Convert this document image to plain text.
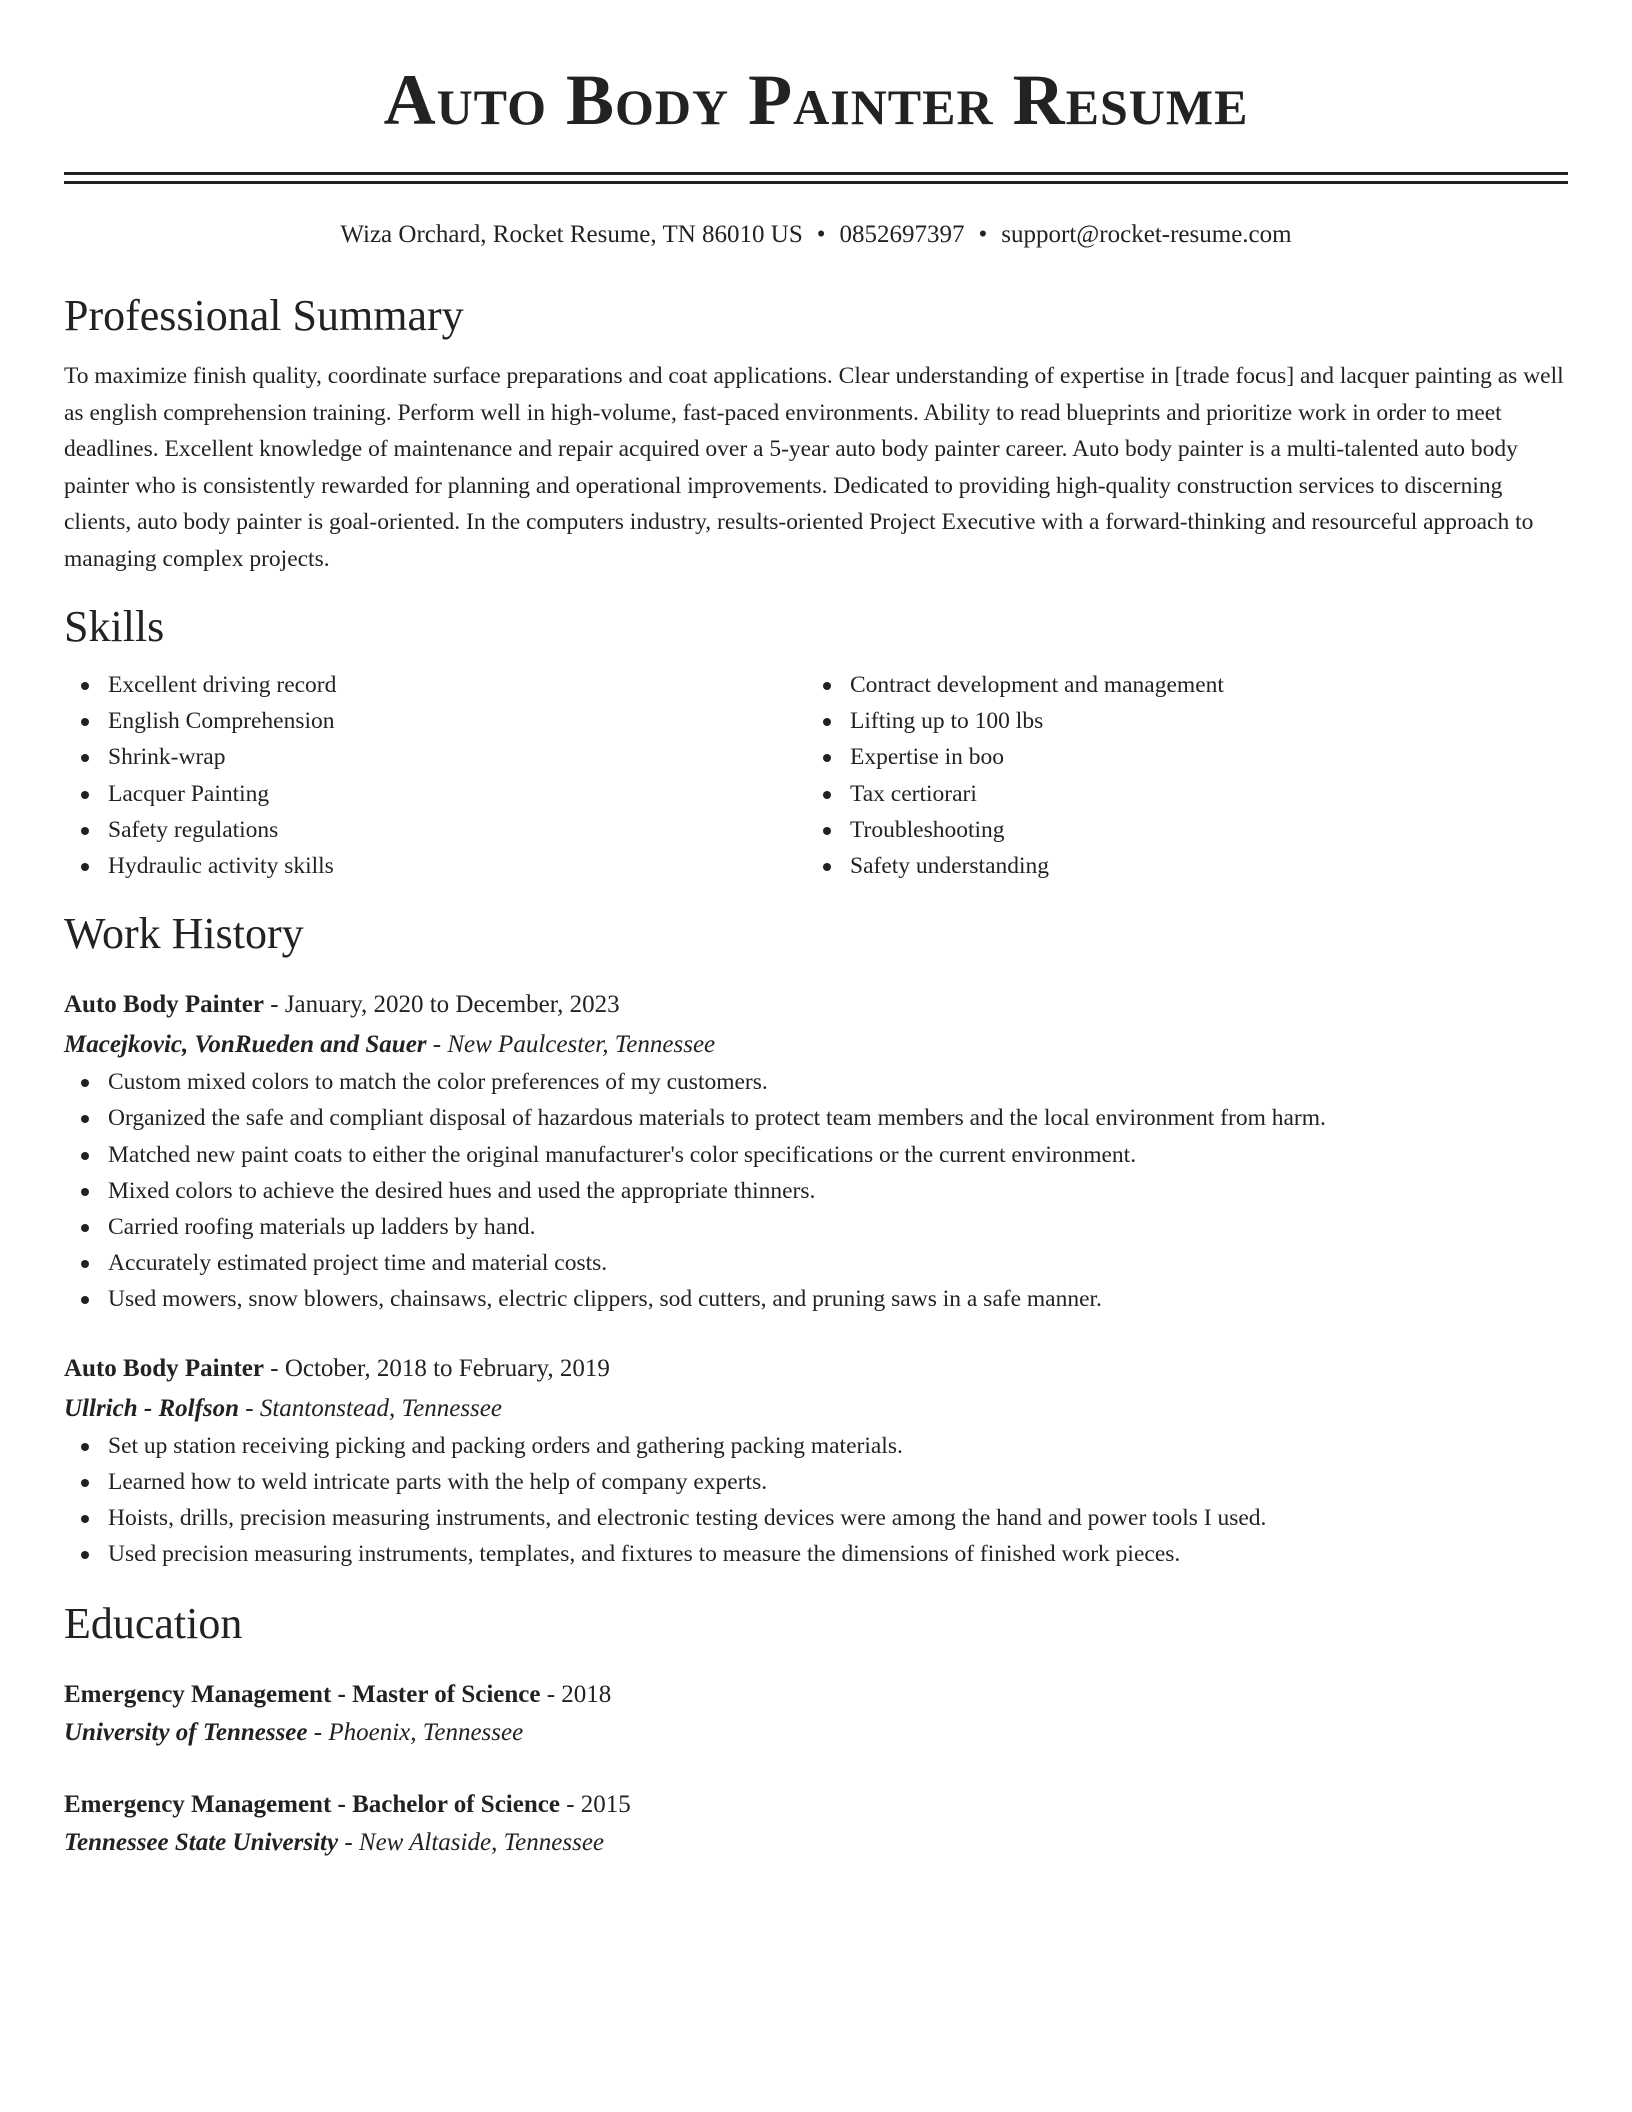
Auto Body Painter Resume
Wiza Orchard, Rocket Resume, TN 86010 US • 0852697397 • support@rocket-resume.com
Professional Summary
To maximize finish quality, coordinate surface preparations and coat applications. Clear understanding of expertise in [trade focus] and lacquer painting as well as english comprehension training. Perform well in high-volume, fast-paced environments. Ability to read blueprints and prioritize work in order to meet deadlines. Excellent knowledge of maintenance and repair acquired over a 5-year auto body painter career. Auto body painter is a multi-talented auto body painter who is consistently rewarded for planning and operational improvements. Dedicated to providing high-quality construction services to discerning clients, auto body painter is goal-oriented. In the computers industry, results-oriented Project Executive with a forward-thinking and resourceful approach to managing complex projects.
Skills
Excellent driving record
English Comprehension
Shrink-wrap
Lacquer Painting
Safety regulations
Hydraulic activity skills
Contract development and management
Lifting up to 100 lbs
Expertise in boo
Tax certiorari
Troubleshooting
Safety understanding
Work History
Auto Body Painter - January, 2020 to December, 2023
Macejkovic, VonRueden and Sauer - New Paulcester, Tennessee
Custom mixed colors to match the color preferences of my customers.
Organized the safe and compliant disposal of hazardous materials to protect team members and the local environment from harm.
Matched new paint coats to either the original manufacturer's color specifications or the current environment.
Mixed colors to achieve the desired hues and used the appropriate thinners.
Carried roofing materials up ladders by hand.
Accurately estimated project time and material costs.
Used mowers, snow blowers, chainsaws, electric clippers, sod cutters, and pruning saws in a safe manner.
Auto Body Painter - October, 2018 to February, 2019
Ullrich - Rolfson - Stantonstead, Tennessee
Set up station receiving picking and packing orders and gathering packing materials.
Learned how to weld intricate parts with the help of company experts.
Hoists, drills, precision measuring instruments, and electronic testing devices were among the hand and power tools I used.
Used precision measuring instruments, templates, and fixtures to measure the dimensions of finished work pieces.
Education
Emergency Management - Master of Science - 2018
University of Tennessee - Phoenix, Tennessee
Emergency Management - Bachelor of Science - 2015
Tennessee State University - New Altaside, Tennessee
